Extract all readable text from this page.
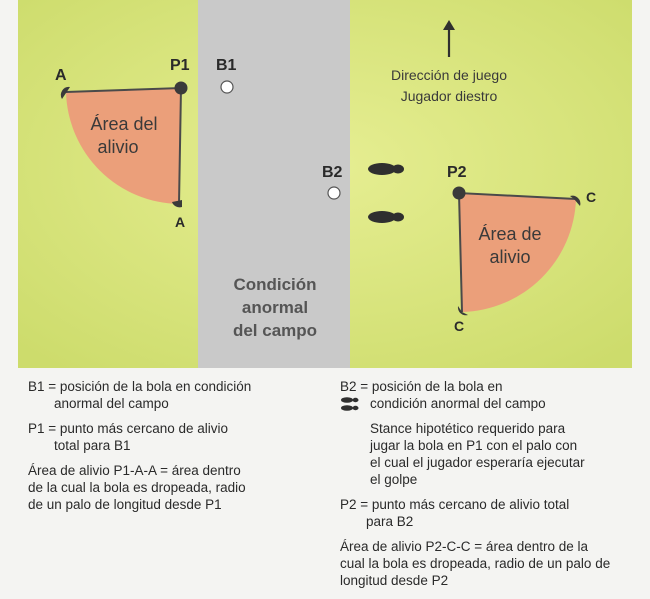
A
P1 B1
A
Área del
alivio
Condición
anormal
del campo
B2	P2
C
C
Área de
alivio
Dirección de juego
Jugador diestro

B1 = posición de la bola en condición
anormal del campo

P1 = punto más cercano de alivio
total para B1

Área de alivio P1-A-A = área dentro
de la cual la bola es dropeada, radio
de un palo de longitud desde P1

B2 = posición de la bola en
condición anormal del campo

Stance hipotético requerido para
jugar la bola en P1 con el palo con
el cual el jugador esperaría ejecutar
el golpe

P2 = punto más cercano de alivio total
para B2

Área de alivio P2-C-C = área dentro de la
cual la bola es dropeada, radio de un palo de
longitud desde P2
